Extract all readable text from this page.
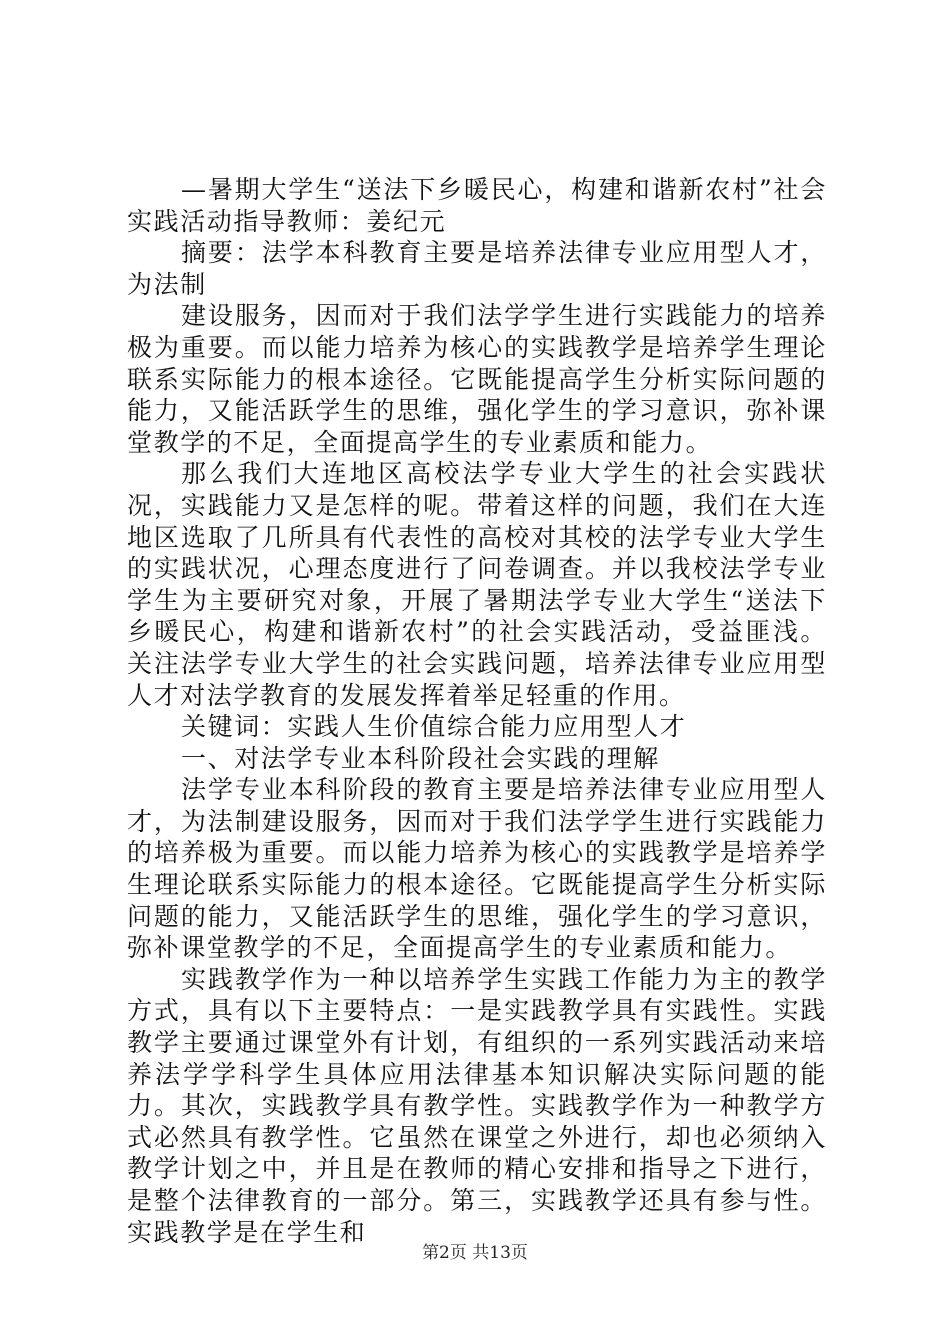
—暑期大学生“送法下乡暖民心，构建和谐新农村”社会实践活动指导教师：姜纪元

摘要：法学本科教育主要是培养法律专业应用型人才，为法制

建设服务，因而对于我们法学学生进行实践能力的培养极为重要。而以能力培养为核心的实践教学是培养学生理论联系实际能力的根本途径。它既能提高学生分析实际问题的能力，又能活跃学生的思维，强化学生的学习意识，弥补课堂教学的不足，全面提高学生的专业素质和能力。

那么我们大连地区高校法学专业大学生的社会实践状况，实践能力又是怎样的呢。带着这样的问题，我们在大连地区选取了几所具有代表性的高校对其校的法学专业大学生的实践状况，心理态度进行了问卷调查。并以我校法学专业学生为主要研究对象，开展了暑期法学专业大学生“送法下乡暖民心，构建和谐新农村”的社会实践活动，受益匪浅。关注法学专业大学生的社会实践问题，培养法律专业应用型人才对法学教育的发展发挥着举足轻重的作用。

关键词：实践人生价值综合能力应用型人才

一、对法学专业本科阶段社会实践的理解

法学专业本科阶段的教育主要是培养法律专业应用型人才，为法制建设服务，因而对于我们法学学生进行实践能力的培养极为重要。而以能力培养为核心的实践教学是培养学生理论联系实际能力的根本途径。它既能提高学生分析实际问题的能力，又能活跃学生的思维，强化学生的学习意识，弥补课堂教学的不足，全面提高学生的专业素质和能力。

实践教学作为一种以培养学生实践工作能力为主的教学方式，具有以下主要特点：一是实践教学具有实践性。实践教学主要通过课堂外有计划，有组织的一系列实践活动来培养法学学科学生具体应用法律基本知识解决实际问题的能力。其次，实践教学具有教学性。实践教学作为一种教学方式必然具有教学性。它虽然在课堂之外进行，却也必须纳入教学计划之中，并且是在教师的精心安排和指导之下进行，是整个法律教育的一部分。第三，实践教学还具有参与性。实践教学是在学生和

第2页 共13页
